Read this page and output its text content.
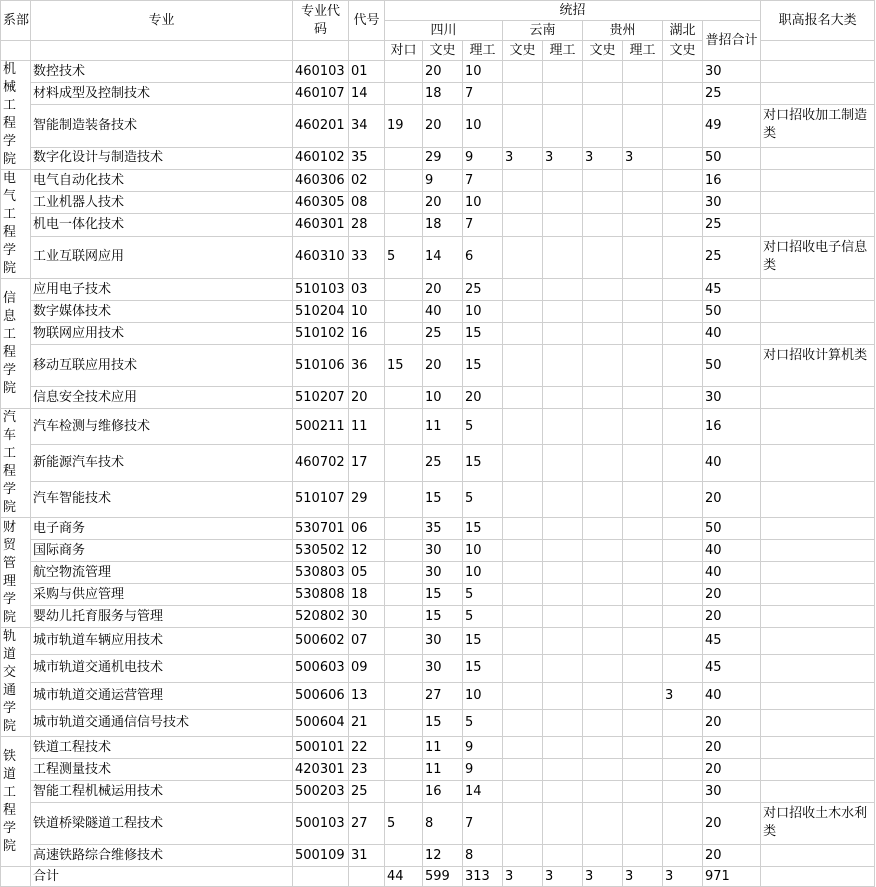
系部	专业	专业代码	代号	统招									职高报名大类
				四川			云南		贵州		湖北	普招合计	
				对口	文史	理工	文史	理工	文史	理工	文史		
机械工程学院	数控技术	460103	01		20	10						30	
	材料成型及控制技术	460107	14		18	7						25	
	智能制造装备技术	460201	34	19	20	10						49	对口招收加工制造类
	数字化设计与制造技术	460102	35		29	9	3	3	3	3		50	
电气工程学院	电气自动化技术	460306	02		9	7						16	
	工业机器人技术	460305	08		20	10						30	
	机电一体化技术	460301	28		18	7						25	
	工业互联网应用	460310	33	5	14	6						25	对口招收电子信息类
信息工程学院	应用电子技术	510103	03		20	25						45	
	数字媒体技术	510204	10		40	10						50	
	物联网应用技术	510102	16		25	15						40	
	移动互联应用技术	510106	36	15	20	15						50	对口招收计算机类
	信息安全技术应用	510207	20		10	20						30	
汽车工程学院	汽车检测与维修技术	500211	11		11	5						16	
	新能源汽车技术	460702	17		25	15						40	
	汽车智能技术	510107	29		15	5						20	
财贸管理学院	电子商务	530701	06		35	15						50	
	国际商务	530502	12		30	10						40	
	航空物流管理	530803	05		30	10						40	
	采购与供应管理	530808	18		15	5						20	
	婴幼儿托育服务与管理	520802	30		15	5						20	
轨道交通学院	城市轨道车辆应用技术	500602	07		30	15						45	
	城市轨道交通机电技术	500603	09		30	15						45	
	城市轨道交通运营管理	500606	13		27	10					3	40	
	城市轨道交通通信信号技术	500604	21		15	5						20	
铁道工程学院	铁道工程技术	500101	22		11	9						20	
	工程测量技术	420301	23		11	9						20	
	智能工程机械运用技术	500203	25		16	14						30	
	铁道桥梁隧道工程技术	500103	27	5	8	7						20	对口招收土木水利类
	高速铁路综合维修技术	500109	31		12	8						20	
	合计			44	599	313	3	3	3	3	3	971	
